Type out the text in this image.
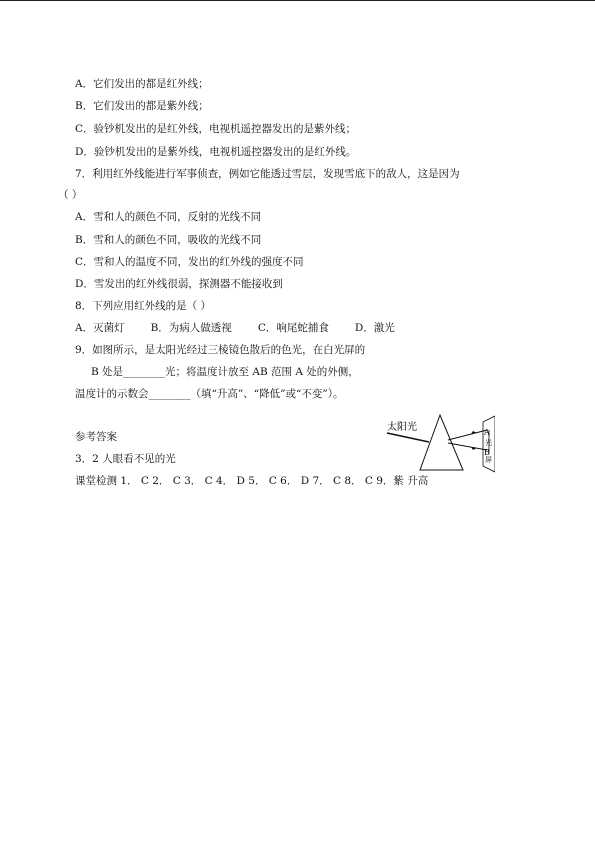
A．它们发出的都是红外线；
B．它们发出的都是紫外线；
C．验钞机发出的是红外线，电视机遥控器发出的是紫外线；
D．验钞机发出的是紫外线，电视机遥控器发出的是红外线。
7．利用红外线能进行军事侦查，例如它能透过雪层，发现雪底下的敌人，这是因为
（ ）
A．雪和人的颜色不同，反射的光线不同
B．雪和人的颜色不同，吸收的光线不同
C．雪和人的温度不同，发出的红外线的强度不同
D．雪发出的红外线很弱，探测器不能接收到
8．下列应用红外线的是（ ）
A．灭菌灯 B．为病人做透视 C．响尾蛇捕食 D．激光
9．如图所示，是太阳光经过三棱镜色散后的色光，在白光屏的
B 处是________光；将温度计放至 AB 范围 A 处的外侧，
温度计的示数会________（填“升高”、“降低”或“不变”）。
参考答案
3．2 人眼看不见的光
课堂检测 1． C 2． C 3． C 4． D 5． C 6． D 7． C 8． C 9．紫 升高
太阳光	A
B
光
屏
